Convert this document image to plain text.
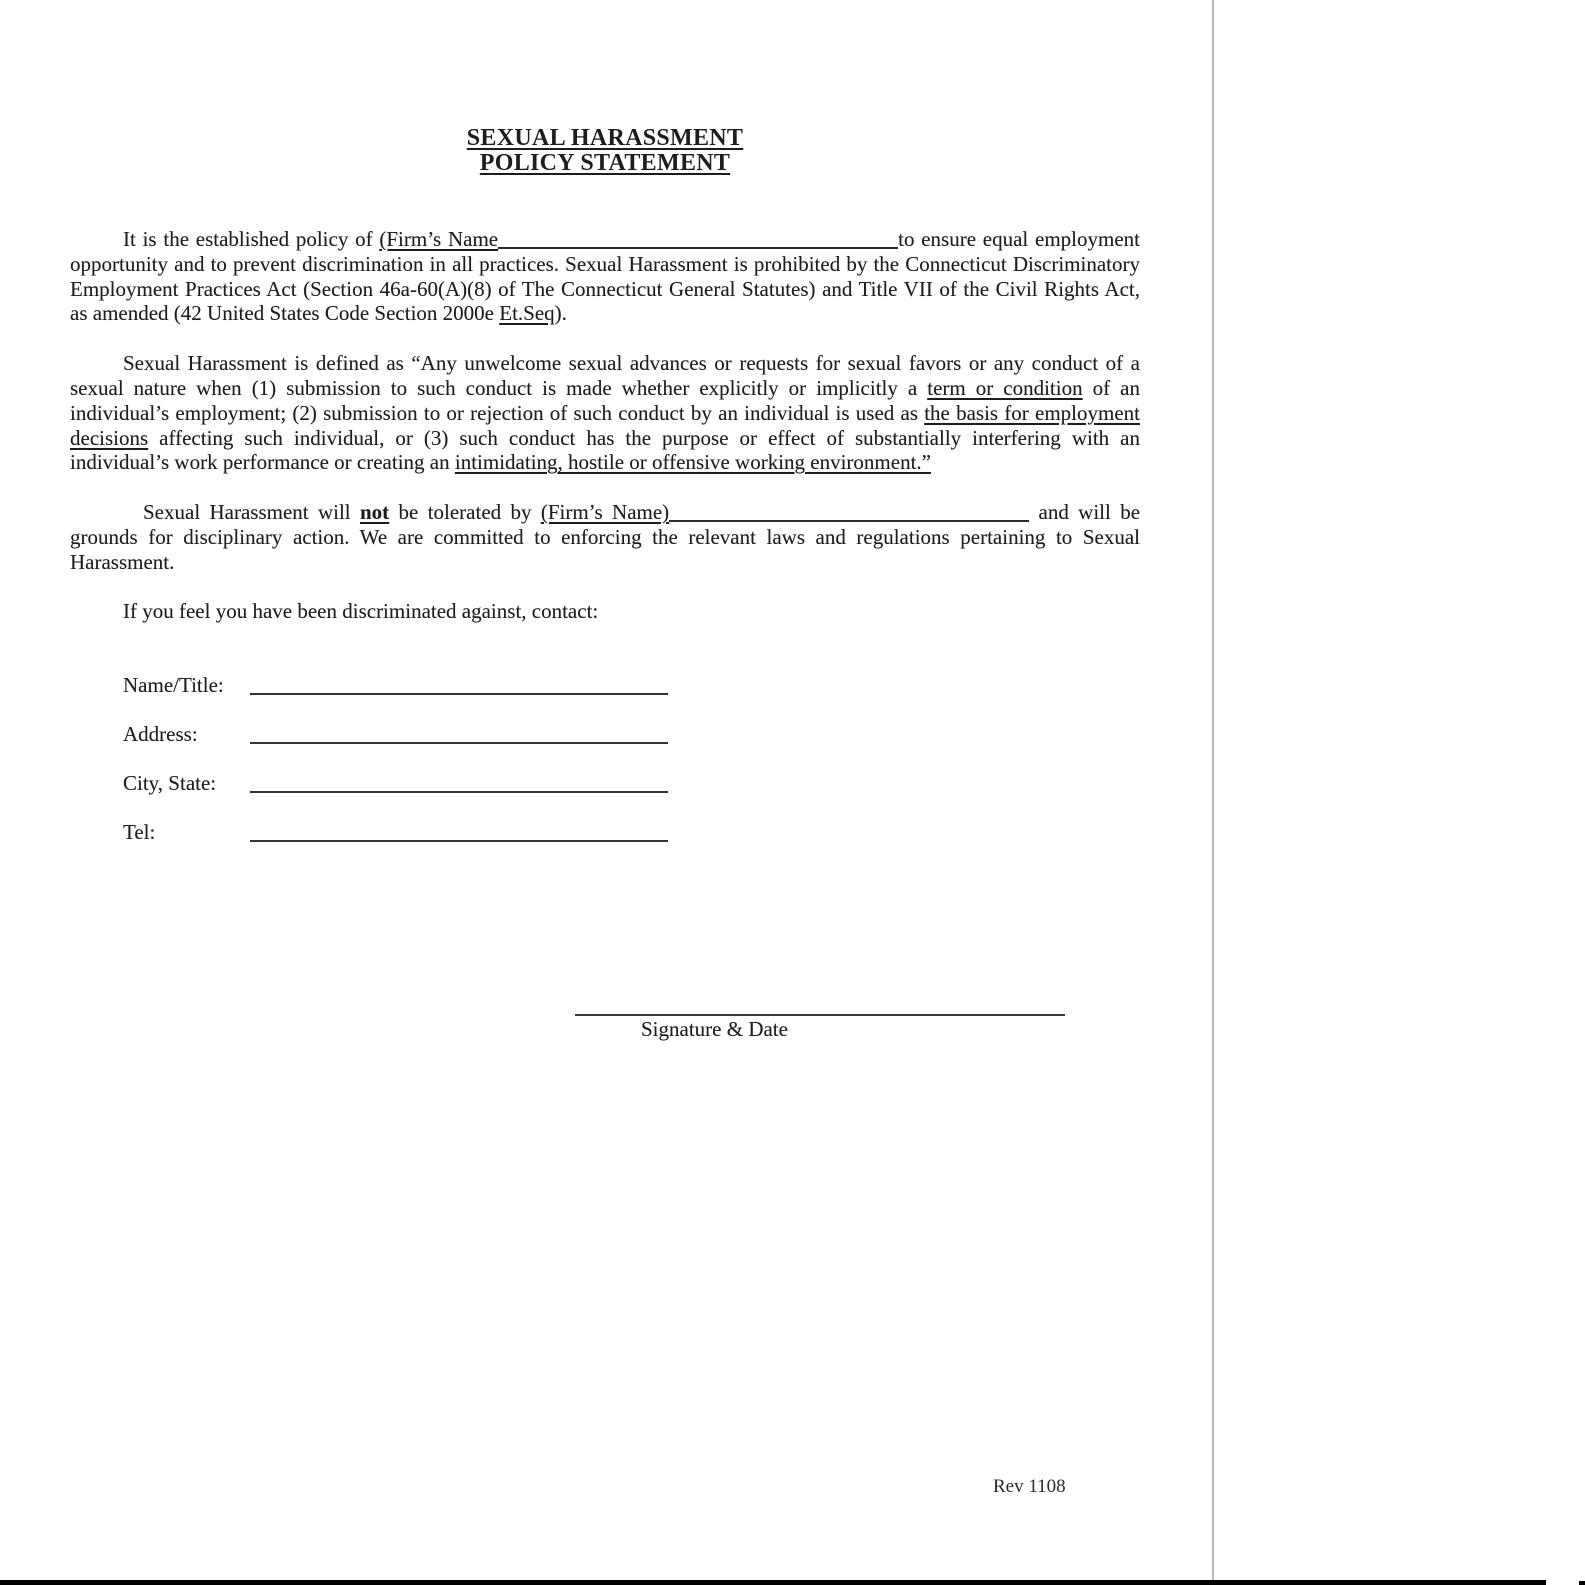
SEXUAL HARASSMENT
POLICY STATEMENT

It is the established policy of (Firm’s Name	to ensure equal employment opportunity and to prevent discrimination in all practices. Sexual Harassment is prohibited by the Connecticut Discriminatory Employment Practices Act (Section 46a-60(A)(8) of The Connecticut General Statutes) and Title VII of the Civil Rights Act, as amended (42 United States Code Section 2000e Et.Seq).

Sexual Harassment is defined as “Any unwelcome sexual advances or requests for sexual favors or any conduct of a sexual nature when (1) submission to such conduct is made whether explicitly or implicitly a term or condition of an individual’s employment; (2) submission to or rejection of such conduct by an individual is used as the basis for employment decisions affecting such individual, or (3) such conduct has the purpose or effect of substantially interfering with an individual’s work performance or creating an intimidating, hostile or offensive working environment.”

Sexual Harassment will not be tolerated by (Firm’s Name)	and will be grounds for disciplinary action. We are committed to enforcing the relevant laws and regulations pertaining to Sexual Harassment.

If you feel you have been discriminated against, contact:

Name/Title:
Address:
City, State:
Tel:
Signature & Date
Rev 1108
